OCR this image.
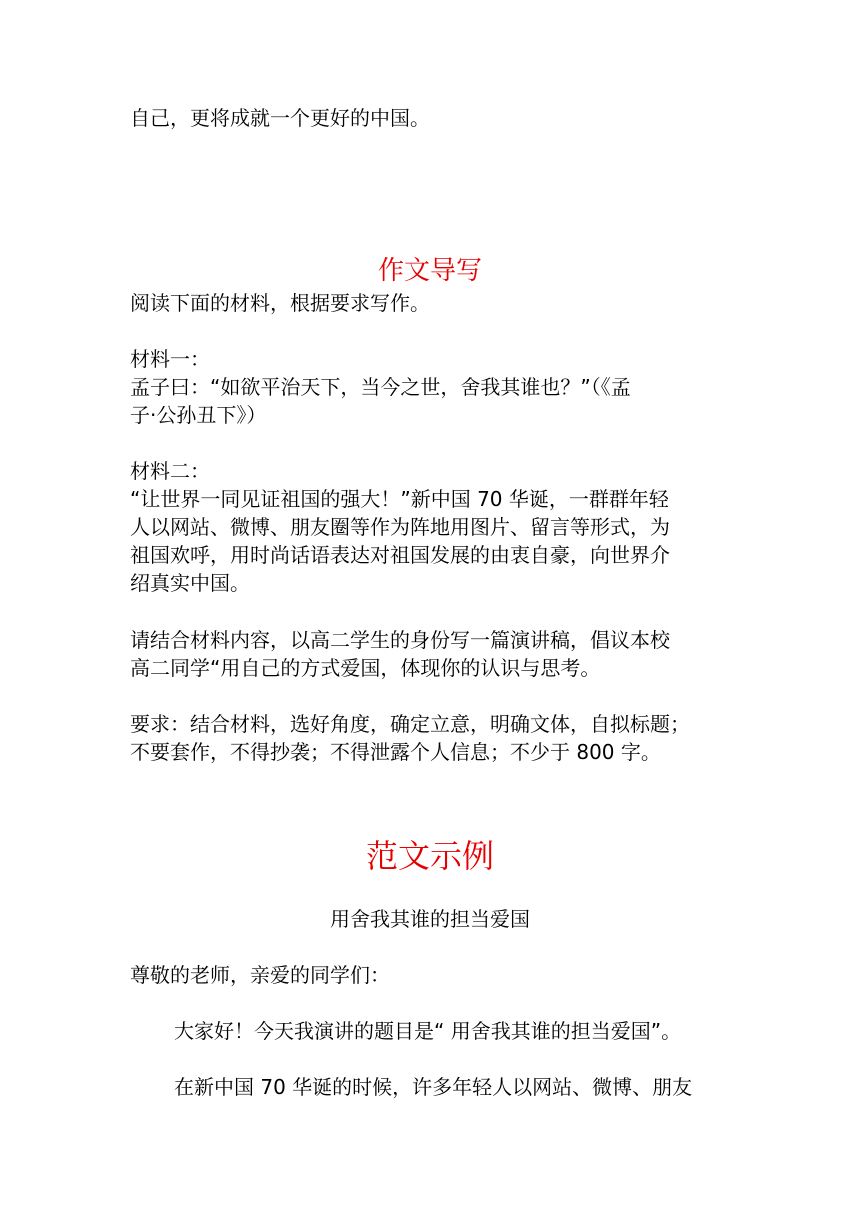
自己，更将成就一个更好的中国。
作文导写
阅读下面的材料，根据要求写作。
材料一：
孟子曰：“如欲平治天下，当今之世，舍我其谁也？”（《孟
子·公孙丑下》）
材料二：
“让世界一同见证祖国的强大！”新中国 70 华诞，一群群年轻
人以网站、微博、朋友圈等作为阵地用图片、留言等形式，为
祖国欢呼，用时尚话语表达对祖国发展的由衷自豪，向世界介
绍真实中国。
请结合材料内容，以高二学生的身份写一篇演讲稿，倡议本校
高二同学“用自己的方式爱国，体现你的认识与思考。
要求：结合材料，选好角度，确定立意，明确文体，自拟标题；
不要套作，不得抄袭；不得泄露个人信息；不少于 800 字。
范文示例
用舍我其谁的担当爱国
尊敬的老师，亲爱的同学们：
大家好！今天我演讲的题目是“ 用舍我其谁的担当爱国”。
在新中国 70 华诞的时候，许多年轻人以网站、微博、朋友
